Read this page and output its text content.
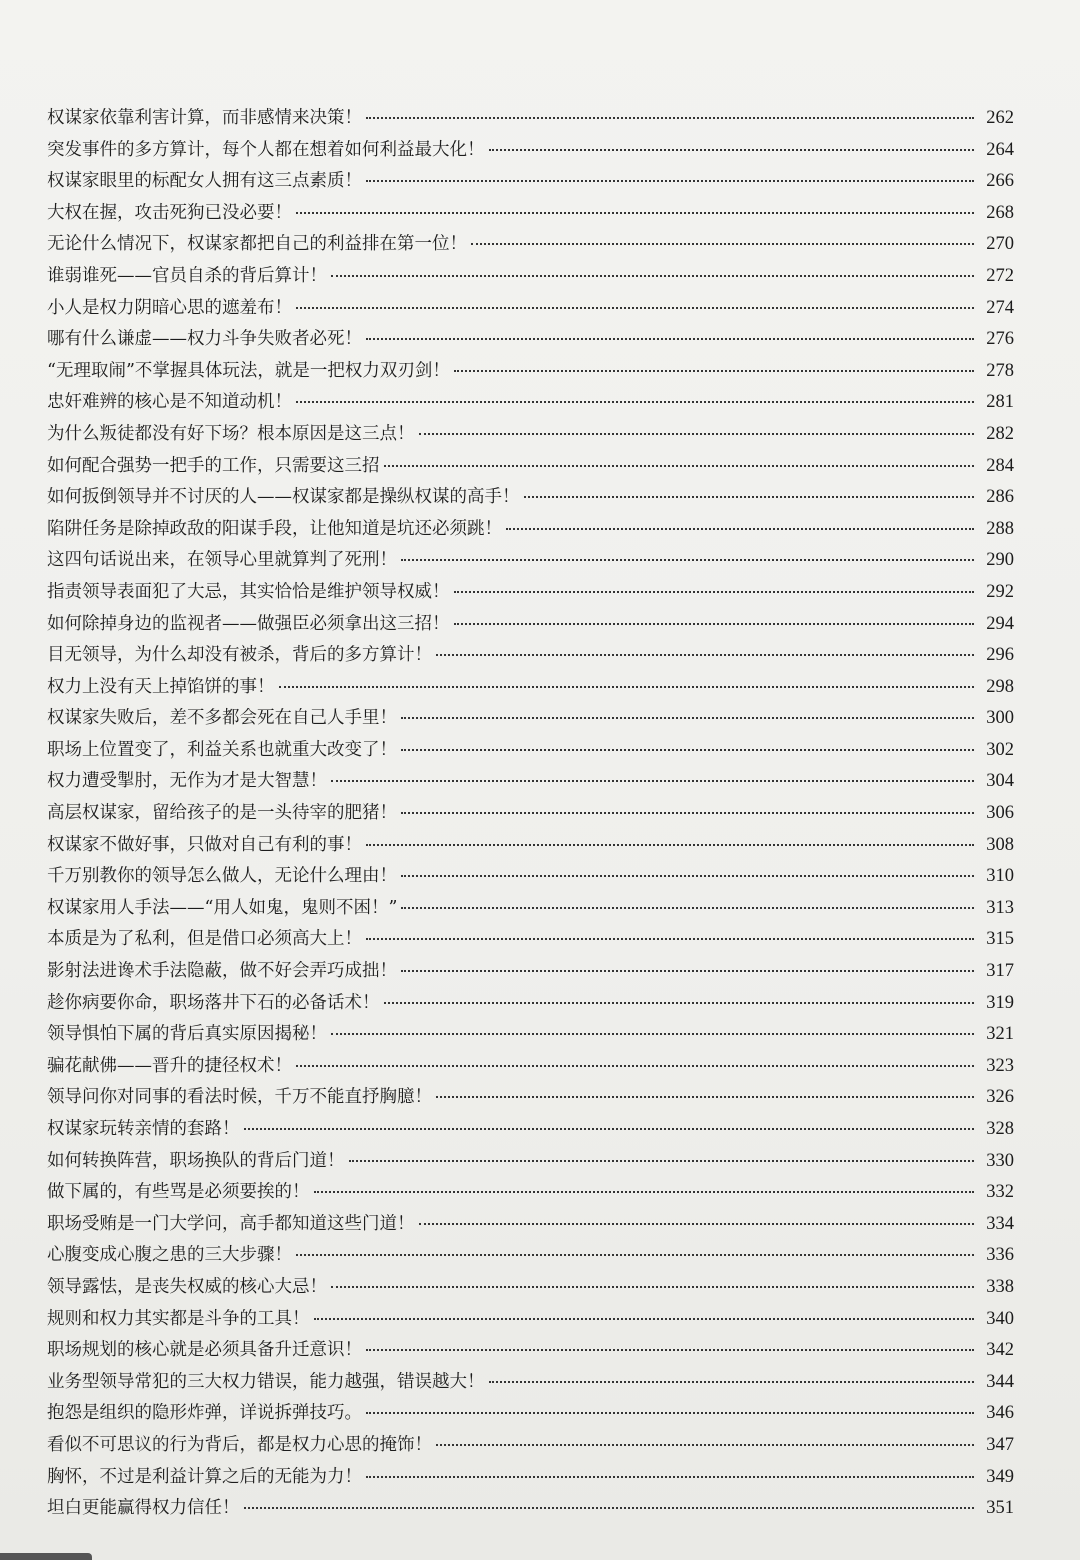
权谋家依靠利害计算，而非感情来决策！	262
突发事件的多方算计，每个人都在想着如何利益最大化！	264
权谋家眼里的标配女人拥有这三点素质！	266
大权在握，攻击死狗已没必要！	268
无论什么情况下，权谋家都把自己的利益排在第一位！	270
谁弱谁死——官员自杀的背后算计！	272
小人是权力阴暗心思的遮羞布！	274
哪有什么谦虚——权力斗争失败者必死！	276
“无理取闹”不掌握具体玩法，就是一把权力双刃剑！	278
忠奸难辨的核心是不知道动机！	281
为什么叛徒都没有好下场？根本原因是这三点！	282
如何配合强势一把手的工作，只需要这三招	284
如何扳倒领导并不讨厌的人——权谋家都是操纵权谋的高手！	286
陷阱任务是除掉政敌的阳谋手段，让他知道是坑还必须跳！	288
这四句话说出来，在领导心里就算判了死刑！	290
指责领导表面犯了大忌，其实恰恰是维护领导权威！	292
如何除掉身边的监视者——做强臣必须拿出这三招！	294
目无领导，为什么却没有被杀，背后的多方算计！	296
权力上没有天上掉馅饼的事！	298
权谋家失败后，差不多都会死在自己人手里！	300
职场上位置变了，利益关系也就重大改变了！	302
权力遭受掣肘，无作为才是大智慧！	304
高层权谋家，留给孩子的是一头待宰的肥猪！	306
权谋家不做好事，只做对自己有利的事！	308
千万别教你的领导怎么做人，无论什么理由！	310
权谋家用人手法——“用人如鬼，鬼则不困！”	313
本质是为了私利，但是借口必须高大上！	315
影射法进谗术手法隐蔽，做不好会弄巧成拙！	317
趁你病要你命，职场落井下石的必备话术！	319
领导惧怕下属的背后真实原因揭秘！	321
骗花献佛——晋升的捷径权术！	323
领导问你对同事的看法时候，千万不能直抒胸臆！	326
权谋家玩转亲情的套路！	328
如何转换阵营，职场换队的背后门道！	330
做下属的，有些骂是必须要挨的！	332
职场受贿是一门大学问，高手都知道这些门道！	334
心腹变成心腹之患的三大步骤！	336
领导露怯，是丧失权威的核心大忌！	338
规则和权力其实都是斗争的工具！	340
职场规划的核心就是必须具备升迁意识！	342
业务型领导常犯的三大权力错误，能力越强，错误越大！	344
抱怨是组织的隐形炸弹，详说拆弹技巧。	346
看似不可思议的行为背后，都是权力心思的掩饰！	347
胸怀，不过是利益计算之后的无能为力！	349
坦白更能赢得权力信任！	351
